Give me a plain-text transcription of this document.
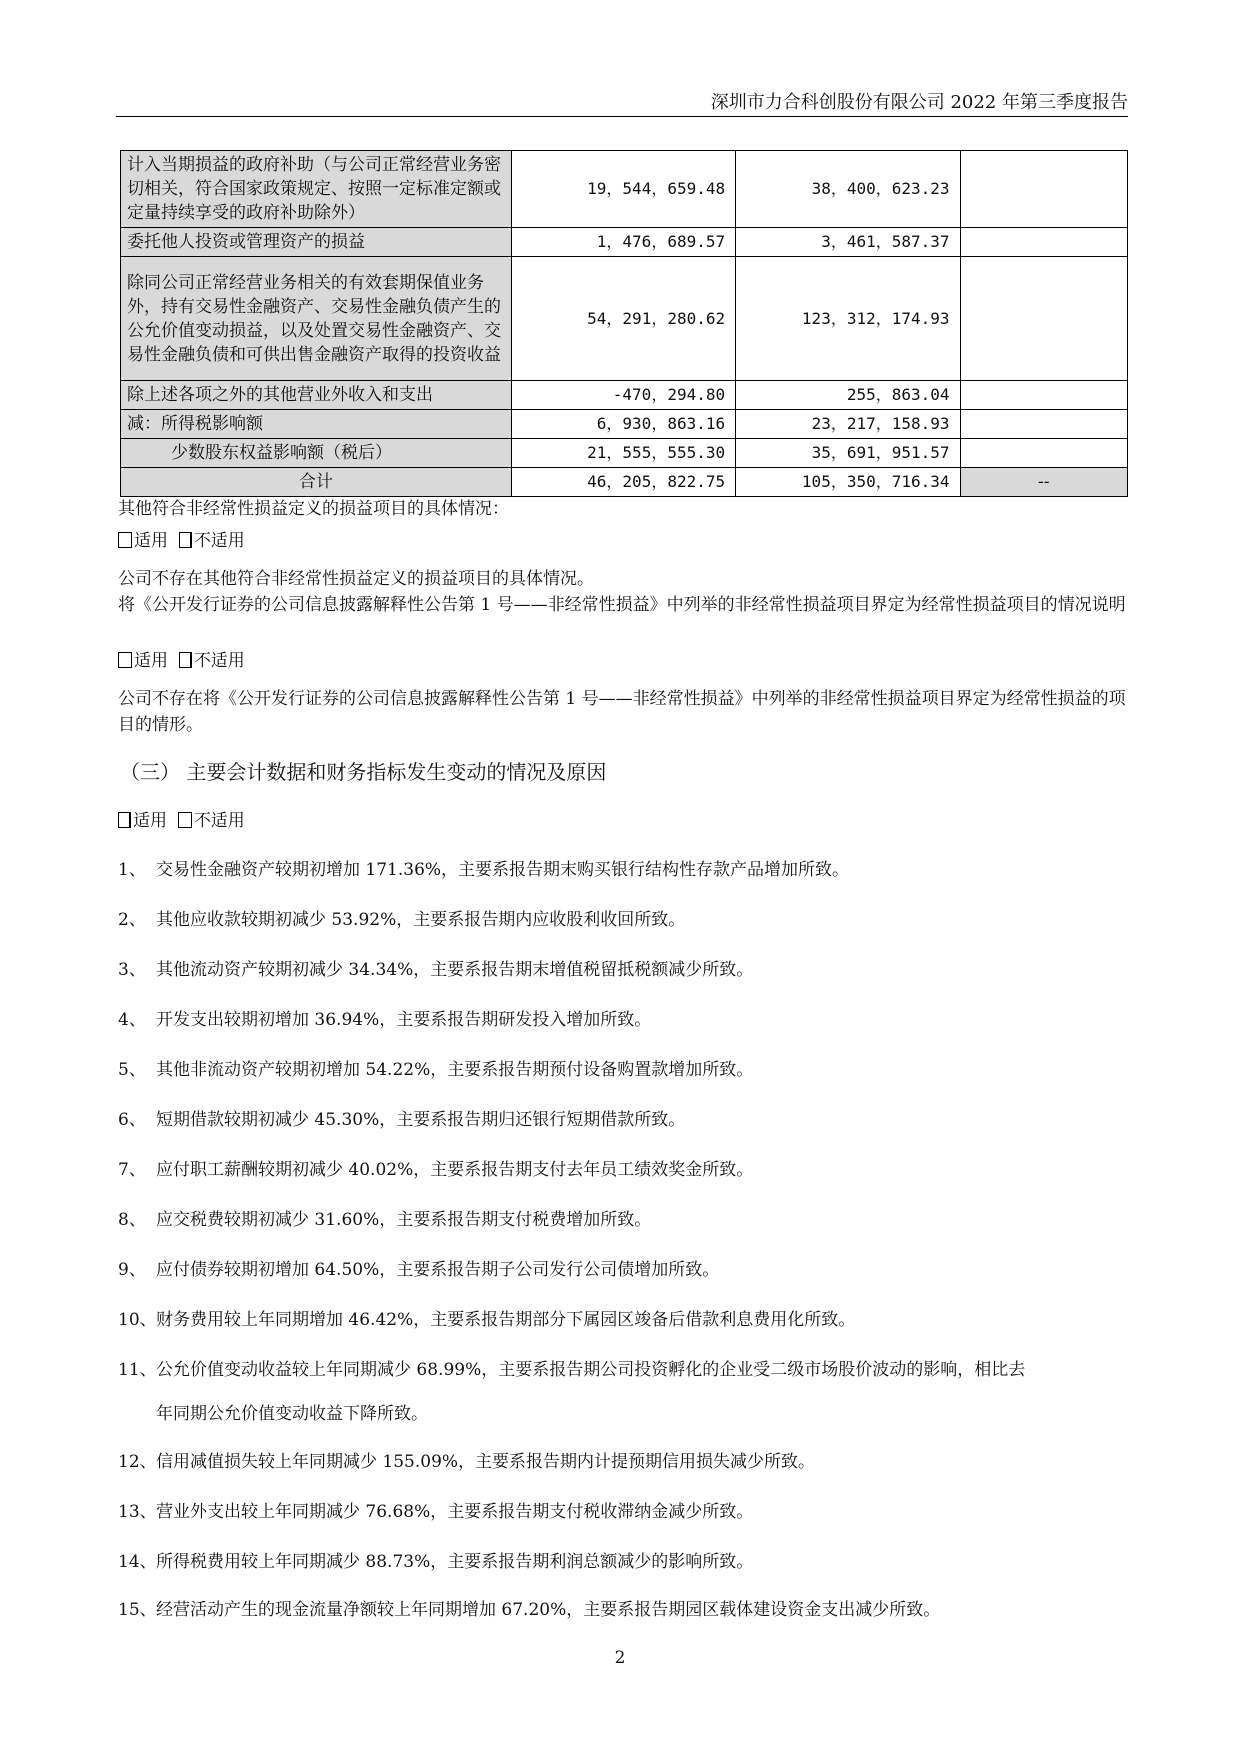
深圳市力合科创股份有限公司 2022 年第三季度报告
计入当期损益的政府补助（与公司正常经营业务密切相关，符合国家政策规定、按照一定标准定额或定量持续享受的政府补助除外）	19，544，659.48	38，400，623.23	
委托他人投资或管理资产的损益	1，476，689.57	3，461，587.37	
除同公司正常经营业务相关的有效套期保值业务外，持有交易性金融资产、交易性金融负债产生的公允价值变动损益，以及处置交易性金融资产、交易性金融负债和可供出售金融资产取得的投资收益	54，291，280.62	123，312，174.93	
除上述各项之外的其他营业外收入和支出	-470，294.80	255，863.04	
减：所得税影响额	6，930，863.16	23，217，158.93	
少数股东权益影响额（税后）	21，555，555.30	35，691，951.57	
合计	46，205，822.75	105，350，716.34	--
其他符合非经常性损益定义的损益项目的具体情况：
适用 不适用
公司不存在其他符合非经常性损益定义的损益项目的具体情况。
将《公开发行证券的公司信息披露解释性公告第 1 号——非经常性损益》中列举的非经常性损益项目界定为经常性损益项目的情况说明
适用 不适用
公司不存在将《公开发行证券的公司信息披露解释性公告第 1 号——非经常性损益》中列举的非经常性损益项目界定为经常性损益的项目的情形。
（三） 主要会计数据和财务指标发生变动的情况及原因
适用 不适用
1、 交易性金融资产较期初增加 171.36%，主要系报告期末购买银行结构性存款产品增加所致。
2、 其他应收款较期初减少 53.92%，主要系报告期内应收股利收回所致。
3、 其他流动资产较期初减少 34.34%，主要系报告期末增值税留抵税额减少所致。
4、 开发支出较期初增加 36.94%，主要系报告期研发投入增加所致。
5、 其他非流动资产较期初增加 54.22%，主要系报告期预付设备购置款增加所致。
6、 短期借款较期初减少 45.30%，主要系报告期归还银行短期借款所致。
7、 应付职工薪酬较期初减少 40.02%，主要系报告期支付去年员工绩效奖金所致。
8、 应交税费较期初减少 31.60%，主要系报告期支付税费增加所致。
9、 应付债券较期初增加 64.50%，主要系报告期子公司发行公司债增加所致。
10、财务费用较上年同期增加 46.42%，主要系报告期部分下属园区竣备后借款利息费用化所致。
11、公允价值变动收益较上年同期减少 68.99%，主要系报告期公司投资孵化的企业受二级市场股价波动的影响，相比去
年同期公允价值变动收益下降所致。
12、信用减值损失较上年同期减少 155.09%，主要系报告期内计提预期信用损失减少所致。
13、营业外支出较上年同期减少 76.68%，主要系报告期支付税收滞纳金减少所致。
14、所得税费用较上年同期减少 88.73%，主要系报告期利润总额减少的影响所致。
15、经营活动产生的现金流量净额较上年同期增加 67.20%，主要系报告期园区载体建设资金支出减少所致。
2
